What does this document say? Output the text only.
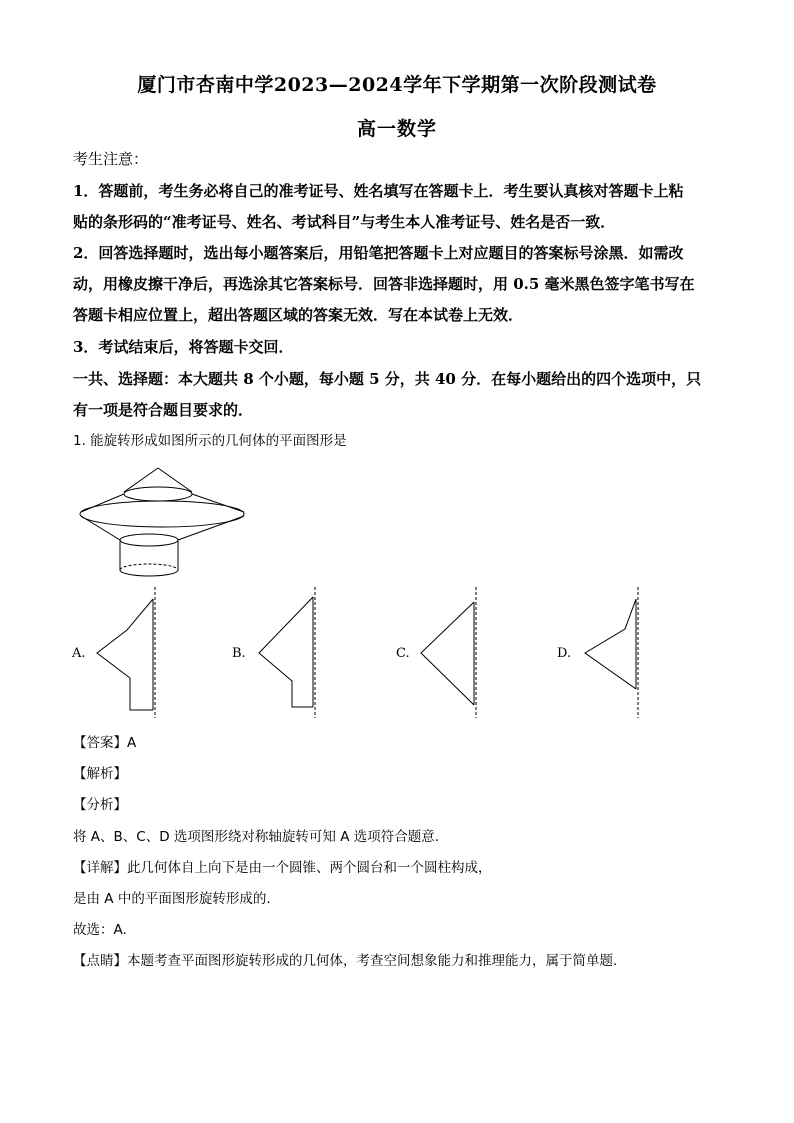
厦门市杏南中学2023—2024学年下学期第一次阶段测试卷
高一数学
考生注意：
1．答题前，考生务必将自己的准考证号、姓名填写在答题卡上．考生要认真核对答题卡上粘
贴的条形码的“准考证号、姓名、考试科目”与考生本人准考证号、姓名是否一致．
2．回答选择题时，选出每小题答案后，用铅笔把答题卡上对应题目的答案标号涂黑．如需改
动，用橡皮擦干净后，再选涂其它答案标号．回答非选择题时，用 0.5 毫米黑色签字笔书写在
答题卡相应位置上，超出答题区域的答案无效．写在本试卷上无效．
3．考试结束后，将答题卡交回．
一共、选择题：本大题共 8 个小题，每小题 5 分，共 40 分．在每小题给出的四个选项中，只
有一项是符合题目要求的．
1. 能旋转形成如图所示的几何体的平面图形是
A.	B.	C.	D.
【答案】A
【解析】
【分析】
将 A、B、C、D 选项图形绕对称轴旋转可知 A 选项符合题意.
【详解】此几何体自上向下是由一个圆锥、两个圆台和一个圆柱构成，
是由 A 中的平面图形旋转形成的.
故选：A.
【点睛】本题考查平面图形旋转形成的几何体，考查空间想象能力和推理能力，属于简单题.
